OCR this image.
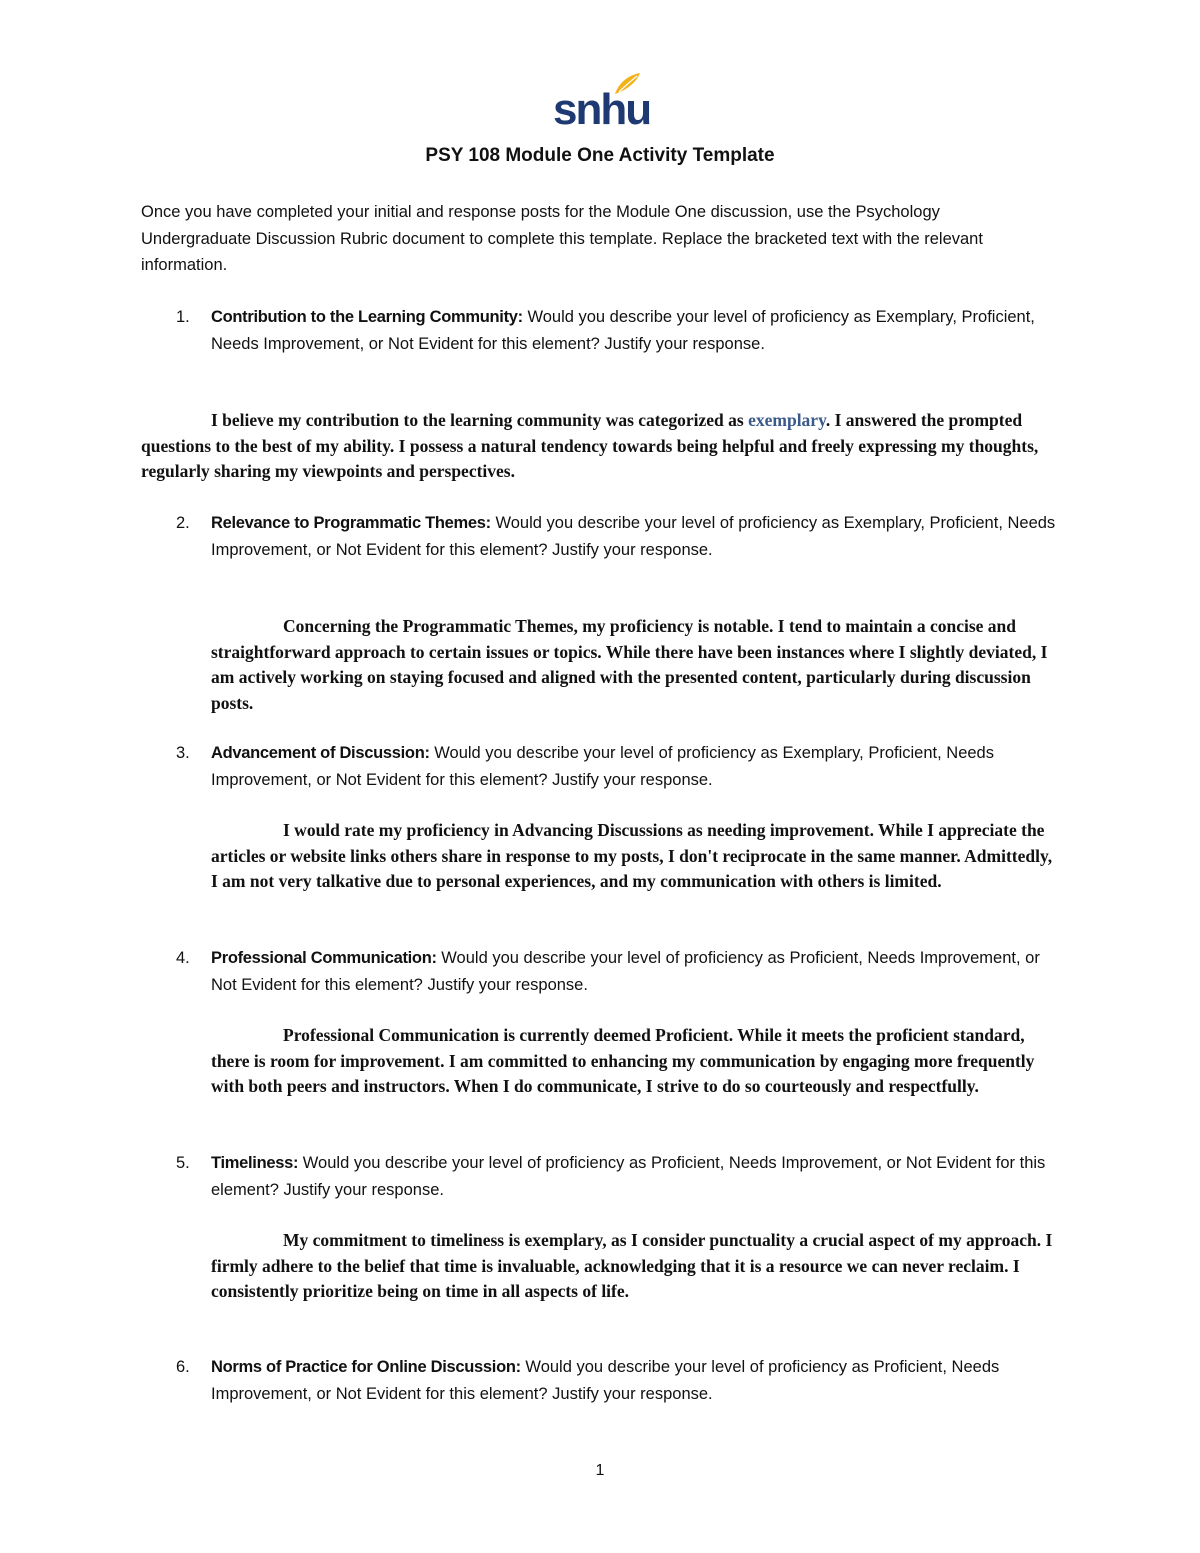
snhu
PSY 108 Module One Activity Template
Once you have completed your initial and response posts for the Module One discussion, use the Psychology Undergraduate Discussion Rubric document to complete this template. Replace the bracketed text with the relevant information.
1.	Contribution to the Learning Community: Would you describe your level of proficiency as Exemplary, Proficient, Needs Improvement, or Not Evident for this element? Justify your response.
I believe my contribution to the learning community was categorized as exemplary. I answered the prompted questions to the best of my ability. I possess a natural tendency towards being helpful and freely expressing my thoughts, regularly sharing my viewpoints and perspectives.
2.	Relevance to Programmatic Themes: Would you describe your level of proficiency as Exemplary, Proficient, Needs Improvement, or Not Evident for this element? Justify your response.
Concerning the Programmatic Themes, my proficiency is notable. I tend to maintain a concise and straightforward approach to certain issues or topics. While there have been instances where I slightly deviated, I am actively working on staying focused and aligned with the presented content, particularly during discussion posts.
3.	Advancement of Discussion: Would you describe your level of proficiency as Exemplary, Proficient, Needs Improvement, or Not Evident for this element? Justify your response.
I would rate my proficiency in Advancing Discussions as needing improvement. While I appreciate the articles or website links others share in response to my posts, I don't reciprocate in the same manner. Admittedly, I am not very talkative due to personal experiences, and my communication with others is limited.
4.	Professional Communication: Would you describe your level of proficiency as Proficient, Needs Improvement, or Not Evident for this element? Justify your response.
Professional Communication is currently deemed Proficient. While it meets the proficient standard, there is room for improvement. I am committed to enhancing my communication by engaging more frequently with both peers and instructors. When I do communicate, I strive to do so courteously and respectfully.
5.	Timeliness: Would you describe your level of proficiency as Proficient, Needs Improvement, or Not Evident for this element? Justify your response.
My commitment to timeliness is exemplary, as I consider punctuality a crucial aspect of my approach. I firmly adhere to the belief that time is invaluable, acknowledging that it is a resource we can never reclaim. I consistently prioritize being on time in all aspects of life.
6.	Norms of Practice for Online Discussion: Would you describe your level of proficiency as Proficient, Needs Improvement, or Not Evident for this element? Justify your response.
1
